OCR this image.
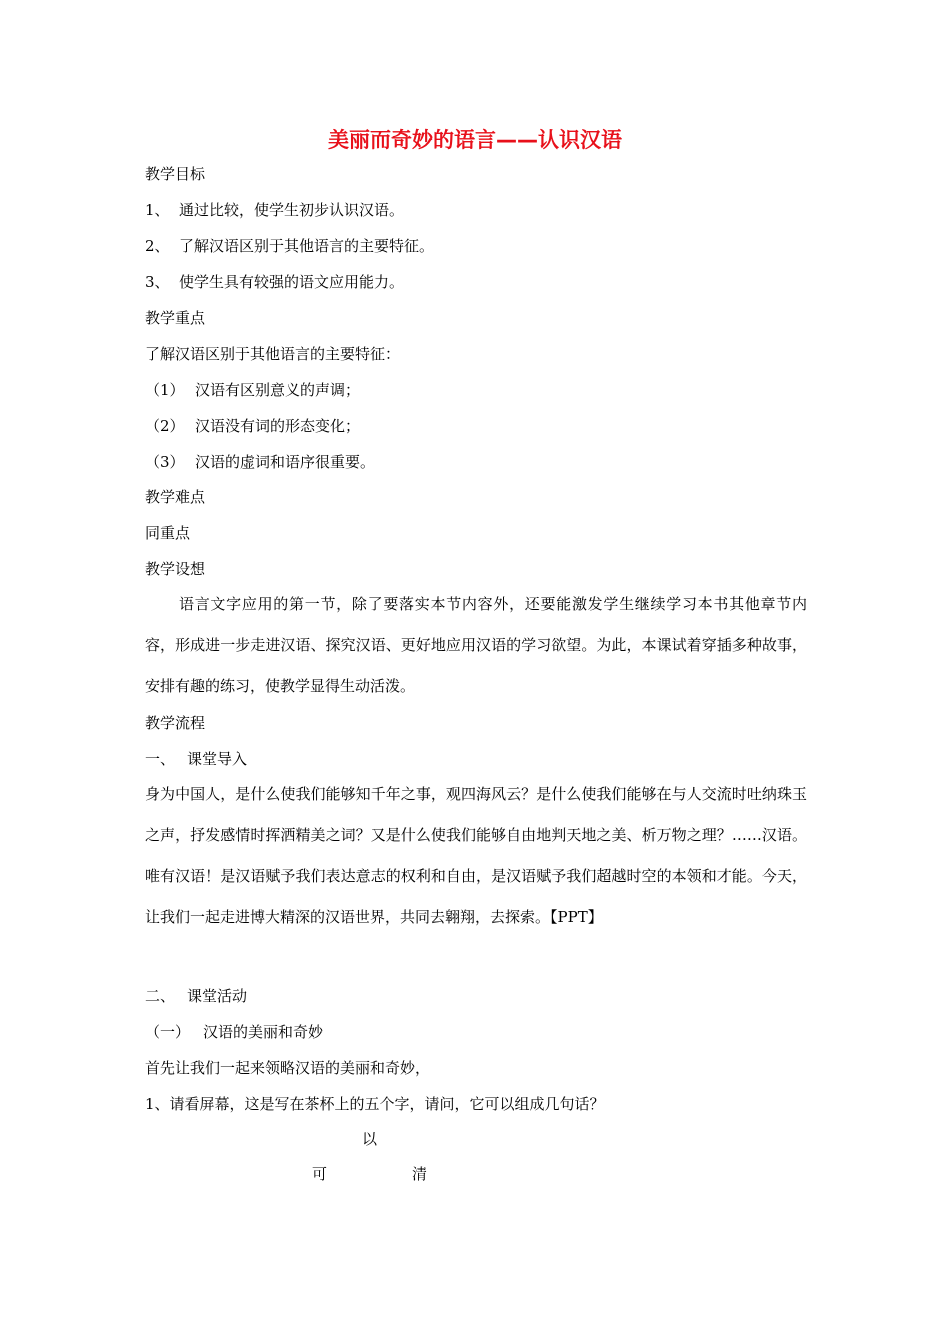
美丽而奇妙的语言——认识汉语
教学目标
1、 通过比较，使学生初步认识汉语。
2、 了解汉语区别于其他语言的主要特征。
3、 使学生具有较强的语文应用能力。
教学重点
了解汉语区别于其他语言的主要特征：
（1） 汉语有区别意义的声调；
（2） 汉语没有词的形态变化；
（3） 汉语的虚词和语序很重要。
教学难点
同重点
教学设想
语言文字应用的第一节，除了要落实本节内容外，还要能激发学生继续学习本书其他章节内容，形成进一步走进汉语、探究汉语、更好地应用汉语的学习欲望。为此，本课试着穿插多种故事，安排有趣的练习，使教学显得生动活泼。
教学流程
一、 课堂导入
身为中国人，是什么使我们能够知千年之事，观四海风云？是什么使我们能够在与人交流时吐纳珠玉之声，抒发感情时挥洒精美之词？又是什么使我们能够自由地判天地之美、析万物之理？……汉语。唯有汉语！是汉语赋予我们表达意志的权利和自由，是汉语赋予我们超越时空的本领和才能。今天，让我们一起走进博大精深的汉语世界，共同去翱翔，去探索。【PPT】
二、 课堂活动
（一） 汉语的美丽和奇妙
首先让我们一起来领略汉语的美丽和奇妙，
1、请看屏幕，这是写在茶杯上的五个字，请问，它可以组成几句话？
以
可	清
